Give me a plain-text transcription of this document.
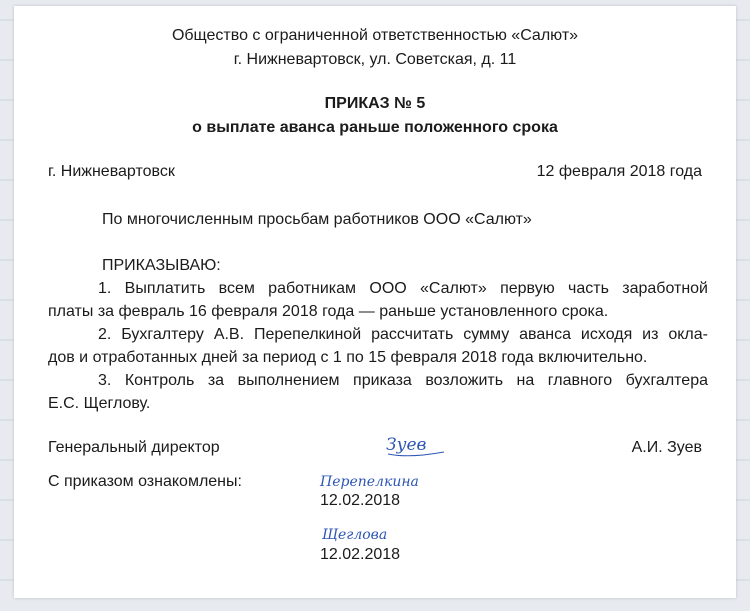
Общество с ограниченной ответственностью «Салют»
г. Нижневартовск, ул. Советская, д. 11
ПРИКАЗ № 5
о выплате аванса раньше положенного срока
г. Нижневартовск	12 февраля 2018 года
По многочисленным просьбам работников ООО «Салют»
ПРИКАЗЫВАЮ:
1. Выплатить всем работникам ООО «Салют» первую часть заработной
платы за февраль 16 февраля 2018 года — раньше установленного срока.
2. Бухгалтеру А.В. Перепелкиной рассчитать сумму аванса исходя из окла-
дов и отработанных дней за период с 1 по 15 февраля 2018 года включительно.
3. Контроль за выполнением приказа возложить на главного бухгалтера
Е.С. Щеглову.
Генеральный директор	Зуев	А.И. Зуев
С приказом ознакомлены:	Перепелкина
12.02.2018
Щеглова
12.02.2018
